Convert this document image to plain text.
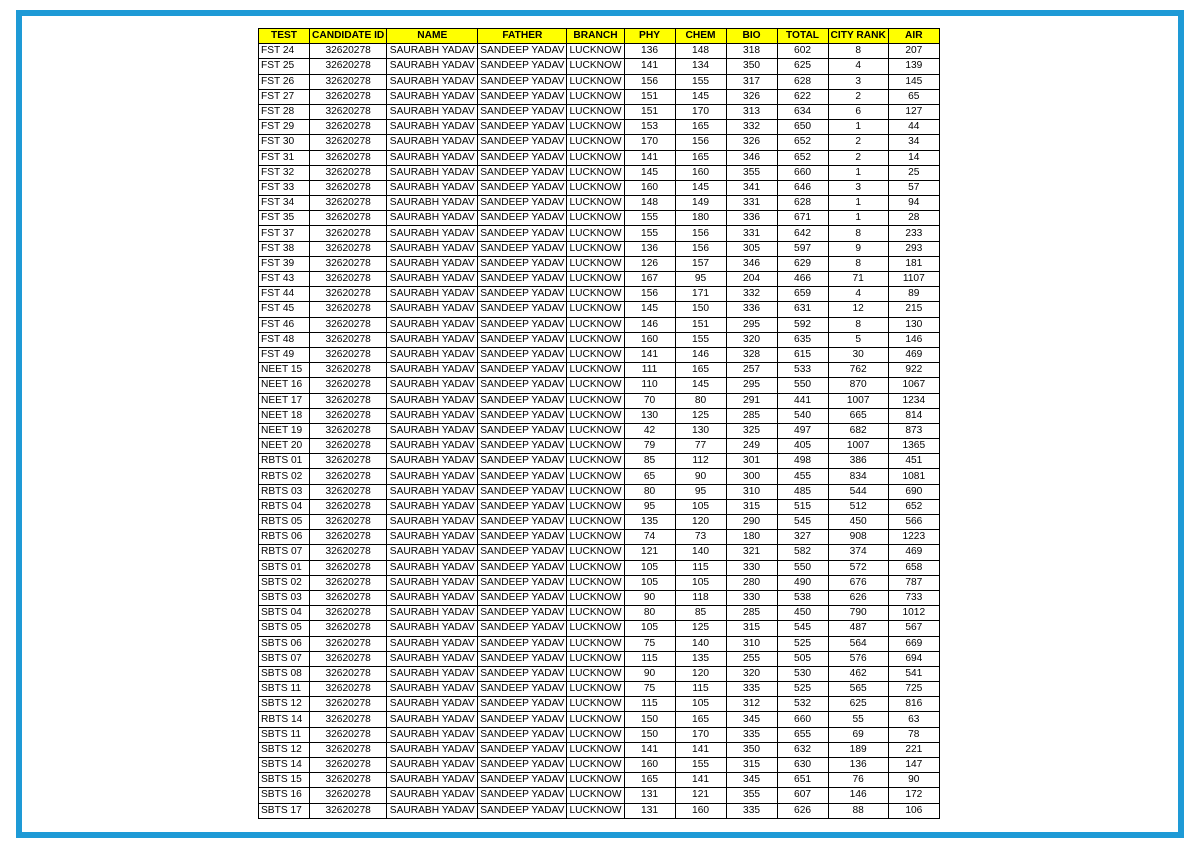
TEST	CANDIDATE ID	NAME	FATHER	BRANCH	PHY	CHEM	BIO	TOTAL	CITY RANK	AIR
FST 24	32620278	SAURABH YADAV	SANDEEP YADAV	LUCKNOW	136	148	318	602	8	207
FST 25	32620278	SAURABH YADAV	SANDEEP YADAV	LUCKNOW	141	134	350	625	4	139
FST 26	32620278	SAURABH YADAV	SANDEEP YADAV	LUCKNOW	156	155	317	628	3	145
FST 27	32620278	SAURABH YADAV	SANDEEP YADAV	LUCKNOW	151	145	326	622	2	65
FST 28	32620278	SAURABH YADAV	SANDEEP YADAV	LUCKNOW	151	170	313	634	6	127
FST 29	32620278	SAURABH YADAV	SANDEEP YADAV	LUCKNOW	153	165	332	650	1	44
FST 30	32620278	SAURABH YADAV	SANDEEP YADAV	LUCKNOW	170	156	326	652	2	34
FST 31	32620278	SAURABH YADAV	SANDEEP YADAV	LUCKNOW	141	165	346	652	2	14
FST 32	32620278	SAURABH YADAV	SANDEEP YADAV	LUCKNOW	145	160	355	660	1	25
FST 33	32620278	SAURABH YADAV	SANDEEP YADAV	LUCKNOW	160	145	341	646	3	57
FST 34	32620278	SAURABH YADAV	SANDEEP YADAV	LUCKNOW	148	149	331	628	1	94
FST 35	32620278	SAURABH YADAV	SANDEEP YADAV	LUCKNOW	155	180	336	671	1	28
FST 37	32620278	SAURABH YADAV	SANDEEP YADAV	LUCKNOW	155	156	331	642	8	233
FST 38	32620278	SAURABH YADAV	SANDEEP YADAV	LUCKNOW	136	156	305	597	9	293
FST 39	32620278	SAURABH YADAV	SANDEEP YADAV	LUCKNOW	126	157	346	629	8	181
FST 43	32620278	SAURABH YADAV	SANDEEP YADAV	LUCKNOW	167	95	204	466	71	1107
FST 44	32620278	SAURABH YADAV	SANDEEP YADAV	LUCKNOW	156	171	332	659	4	89
FST 45	32620278	SAURABH YADAV	SANDEEP YADAV	LUCKNOW	145	150	336	631	12	215
FST 46	32620278	SAURABH YADAV	SANDEEP YADAV	LUCKNOW	146	151	295	592	8	130
FST 48	32620278	SAURABH YADAV	SANDEEP YADAV	LUCKNOW	160	155	320	635	5	146
FST 49	32620278	SAURABH YADAV	SANDEEP YADAV	LUCKNOW	141	146	328	615	30	469
NEET 15	32620278	SAURABH YADAV	SANDEEP YADAV	LUCKNOW	111	165	257	533	762	922
NEET 16	32620278	SAURABH YADAV	SANDEEP YADAV	LUCKNOW	110	145	295	550	870	1067
NEET 17	32620278	SAURABH YADAV	SANDEEP YADAV	LUCKNOW	70	80	291	441	1007	1234
NEET 18	32620278	SAURABH YADAV	SANDEEP YADAV	LUCKNOW	130	125	285	540	665	814
NEET 19	32620278	SAURABH YADAV	SANDEEP YADAV	LUCKNOW	42	130	325	497	682	873
NEET 20	32620278	SAURABH YADAV	SANDEEP YADAV	LUCKNOW	79	77	249	405	1007	1365
RBTS 01	32620278	SAURABH YADAV	SANDEEP YADAV	LUCKNOW	85	112	301	498	386	451
RBTS 02	32620278	SAURABH YADAV	SANDEEP YADAV	LUCKNOW	65	90	300	455	834	1081
RBTS 03	32620278	SAURABH YADAV	SANDEEP YADAV	LUCKNOW	80	95	310	485	544	690
RBTS 04	32620278	SAURABH YADAV	SANDEEP YADAV	LUCKNOW	95	105	315	515	512	652
RBTS 05	32620278	SAURABH YADAV	SANDEEP YADAV	LUCKNOW	135	120	290	545	450	566
RBTS 06	32620278	SAURABH YADAV	SANDEEP YADAV	LUCKNOW	74	73	180	327	908	1223
RBTS 07	32620278	SAURABH YADAV	SANDEEP YADAV	LUCKNOW	121	140	321	582	374	469
SBTS 01	32620278	SAURABH YADAV	SANDEEP YADAV	LUCKNOW	105	115	330	550	572	658
SBTS 02	32620278	SAURABH YADAV	SANDEEP YADAV	LUCKNOW	105	105	280	490	676	787
SBTS 03	32620278	SAURABH YADAV	SANDEEP YADAV	LUCKNOW	90	118	330	538	626	733
SBTS 04	32620278	SAURABH YADAV	SANDEEP YADAV	LUCKNOW	80	85	285	450	790	1012
SBTS 05	32620278	SAURABH YADAV	SANDEEP YADAV	LUCKNOW	105	125	315	545	487	567
SBTS 06	32620278	SAURABH YADAV	SANDEEP YADAV	LUCKNOW	75	140	310	525	564	669
SBTS 07	32620278	SAURABH YADAV	SANDEEP YADAV	LUCKNOW	115	135	255	505	576	694
SBTS 08	32620278	SAURABH YADAV	SANDEEP YADAV	LUCKNOW	90	120	320	530	462	541
SBTS 11	32620278	SAURABH YADAV	SANDEEP YADAV	LUCKNOW	75	115	335	525	565	725
SBTS 12	32620278	SAURABH YADAV	SANDEEP YADAV	LUCKNOW	115	105	312	532	625	816
RBTS 14	32620278	SAURABH YADAV	SANDEEP YADAV	LUCKNOW	150	165	345	660	55	63
SBTS 11	32620278	SAURABH YADAV	SANDEEP YADAV	LUCKNOW	150	170	335	655	69	78
SBTS 12	32620278	SAURABH YADAV	SANDEEP YADAV	LUCKNOW	141	141	350	632	189	221
SBTS 14	32620278	SAURABH YADAV	SANDEEP YADAV	LUCKNOW	160	155	315	630	136	147
SBTS 15	32620278	SAURABH YADAV	SANDEEP YADAV	LUCKNOW	165	141	345	651	76	90
SBTS 16	32620278	SAURABH YADAV	SANDEEP YADAV	LUCKNOW	131	121	355	607	146	172
SBTS 17	32620278	SAURABH YADAV	SANDEEP YADAV	LUCKNOW	131	160	335	626	88	106
